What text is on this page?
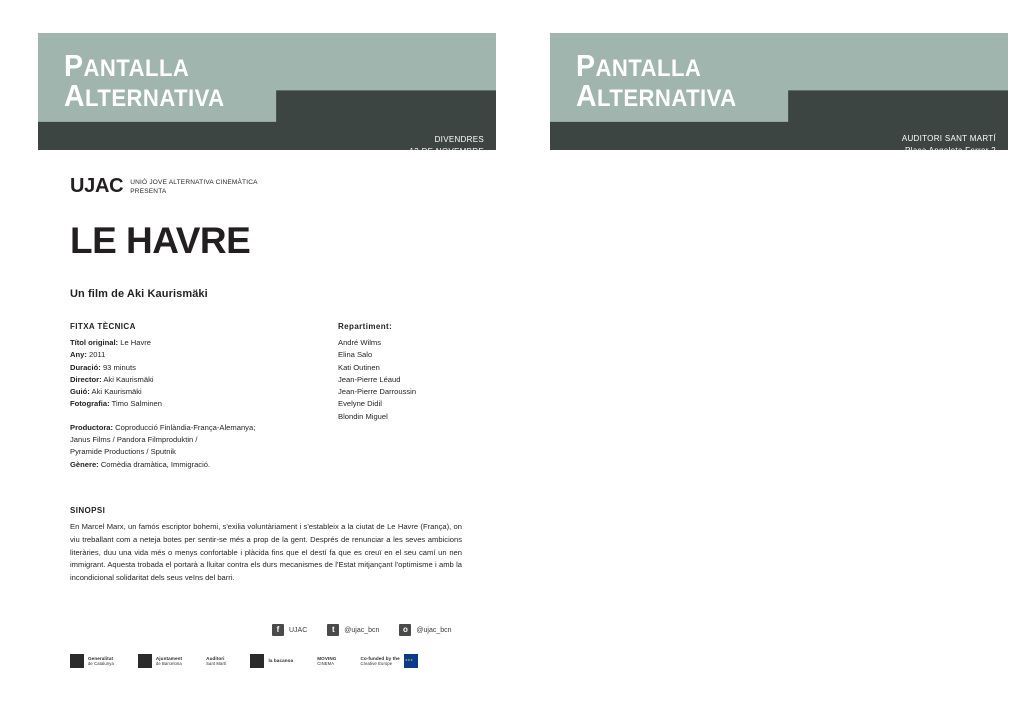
PANTALLA
ALTERNATIVA
DIVENDRES
13 DE NOVEMBRE
19:30h
UJAC UNIÓ JOVE ALTERNATIVA CINEMÀTICA
PRESENTA
LE HAVRE
Un film de Aki Kaurismäki
FITXA TÈCNICA
Títol original: Le Havre
Any: 2011
Duració: 93 minuts
Director: Aki Kaurismäki
Guió: Aki Kaurismäki
Fotografia: Timo Salminen
Productora: Coproducció Finlàndia-França-Alemanya;
Janus Films / Pandora Filmproduktin /
Pyramide Productions / Sputnik
Gènere: Comèdia dramàtica, Immigració.
Repartiment:
André Wilms
Elina Salo
Kati Outinen
Jean-Pierre Léaud
Jean-Pierre Darroussin
Evelyne Didil
Blondin Miguel
SINOPSI

En Marcel Marx, un famós escriptor bohemi, s'exilia voluntàriament i s'estableix a la ciutat de Le Havre (França), on viu treballant com a neteja botes per sentir-se més a prop de la gent. Després de renunciar a les seves ambicions literàries, duu una vida més o menys confortable i plàcida fins que el destí fa que es creuï en el seu camí un nen immigrant. Aquesta trobada el portarà a lluitar contra els durs mecanismes de l'Estat mitjançant l'optimisme i amb la incondicional solidaritat dels seus veïns del barri.

f	UJAC	t	@ujac_bcn	o	@ujac_bcn
Generalitat
de Catalunya
Ajuntament
de Barcelona
Auditori
Sant Martí
la bacanoa
MOVING
CINEMA
Co-funded by the
Creative Europe
★★★
PANTALLA
ALTERNATIVA
AUDITORI SANT MARTÍ
Plaça Angeleta Ferrer 2
L2 BAC DE RODA
